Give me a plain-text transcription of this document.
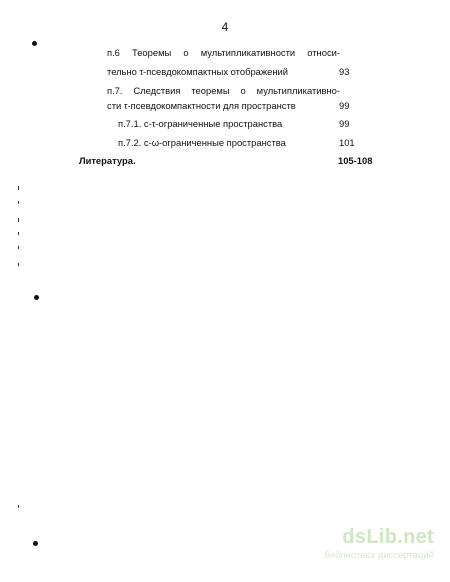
4
п.6 Теоремы о мультипликативности относи-
тельно τ-псевдокомпактных отображений	93
п.7. Следствия теоремы о мультипликативно-
сти τ-псевдокомпактности для пространств	99
п.7.1. c-τ-ограниченные пространства	99
п.7.2. c-ω-ограниченные пространства	101
Литература.	105-108
dsLib.net
библиотека диссертаций
